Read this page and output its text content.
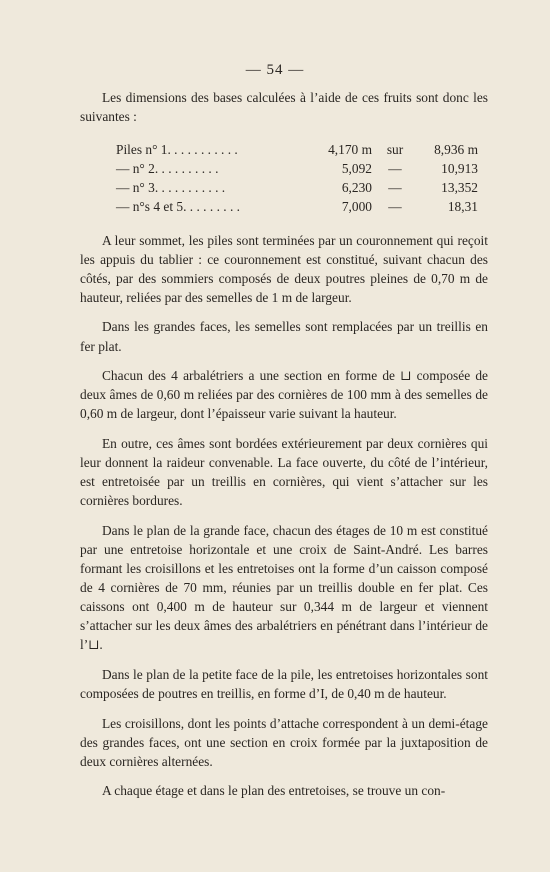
— 54 —

Les dimensions des bases calculées à l’aide de ces fruits sont donc les suivantes :

Piles n° 1. . . . . . . . . . .	4,170 m	sur	8,936 m
— n° 2. . . . . . . . . .	5,092	—	10,913
— n° 3. . . . . . . . . . .	6,230	—	13,352
— n°s 4 et 5. . . . . . . . .	7,000	—	18,31

A leur sommet, les piles sont terminées par un couronnement qui reçoit les appuis du tablier : ce couronnement est constitué, suivant chacun des côtés, par des sommiers composés de deux poutres pleines de 0,70 m de hauteur, reliées par des semelles de 1 m de largeur.

Dans les grandes faces, les semelles sont remplacées par un treillis en fer plat.

Chacun des 4 arbalétriers a une section en forme de ⊔ composée de deux âmes de 0,60 m reliées par des cornières de 100 mm à des semelles de 0,60 m de largeur, dont l’épaisseur varie suivant la hauteur.

En outre, ces âmes sont bordées extérieurement par deux cornières qui leur donnent la raideur convenable. La face ouverte, du côté de l’intérieur, est entretoisée par un treillis en cornières, qui vient s’attacher sur les cornières bordures.

Dans le plan de la grande face, chacun des étages de 10 m est constitué par une entretoise horizontale et une croix de Saint-André. Les barres formant les croisillons et les entretoises ont la forme d’un caisson composé de 4 cornières de 70 mm, réunies par un treillis double en fer plat. Ces caissons ont 0,400 m de hauteur sur 0,344 m de largeur et viennent s’attacher sur les deux âmes des arbalétriers en pénétrant dans l’intérieur de l’⊔.

Dans le plan de la petite face de la pile, les entretoises horizontales sont composées de poutres en treillis, en forme d’I, de 0,40 m de hauteur.

Les croisillons, dont les points d’attache correspondent à un demi-étage des grandes faces, ont une section en croix formée par la juxtaposition de deux cornières alternées.

A chaque étage et dans le plan des entretoises, se trouve un con-
